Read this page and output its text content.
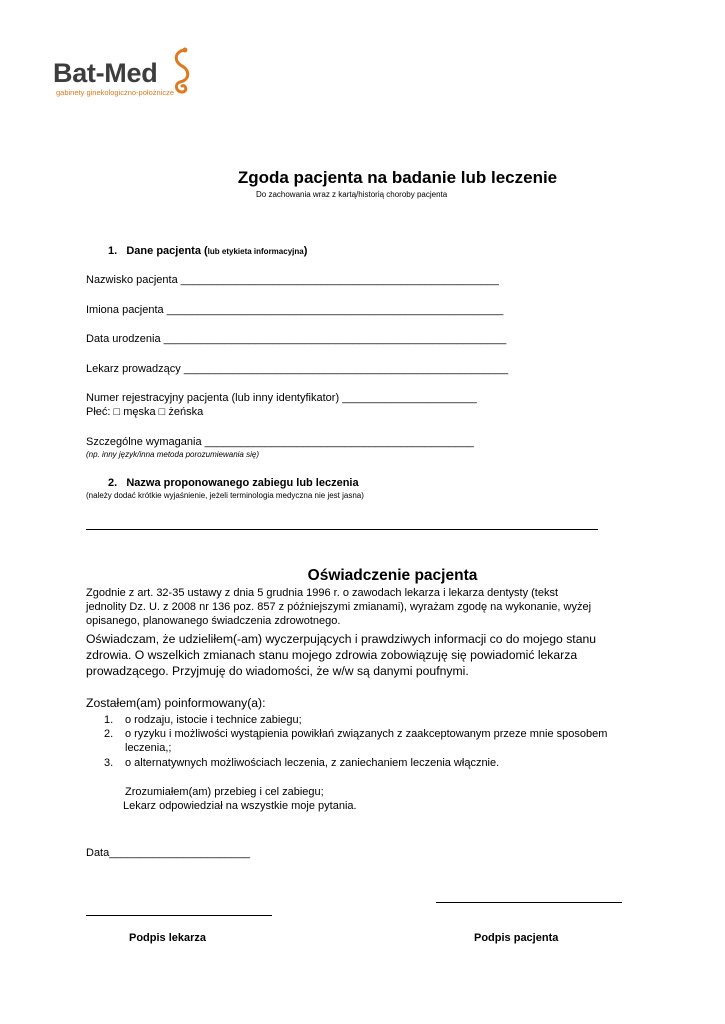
Bat-Med
gabinety ginekologiczno-położnicze
Zgoda pacjenta na badanie lub leczenie
Do zachowania wraz z kartą/historią choroby pacjenta
1. Dane pacjenta (lub etykieta informacyjna)
Nazwisko pacjenta ____________________________________________________
Imiona pacjenta _______________________________________________________
Data urodzenia ________________________________________________________
Lekarz prowadzący _____________________________________________________
Numer rejestracyjny pacjenta (lub inny identyfikator) ______________________
Płeć: □ męska □ żeńska
Szczególne wymagania ____________________________________________
(np. inny język/inna metoda porozumiewania się)
2. Nazwa proponowanego zabiegu lub leczenia
(należy dodać krótkie wyjaśnienie, jeżeli terminologia medyczna nie jest jasna)
Oświadczenie pacjenta
Zgodnie z art. 32-35 ustawy z dnia 5 grudnia 1996 r. o zawodach lekarza i lekarza dentysty (tekst
jednolity Dz. U. z 2008 nr 136 poz. 857 z późniejszymi zmianami), wyrażam zgodę na wykonanie, wyżej
opisanego, planowanego świadczenia zdrowotnego.
Oświadczam, że udzieliłem(-am) wyczerpujących i prawdziwych informacji co do mojego stanu
zdrowia. O wszelkich zmianach stanu mojego zdrowia zobowiązuję się powiadomić lekarza
prowadzącego. Przyjmuję do wiadomości, że w/w są danymi poufnymi.
Zostałem(am) poinformowany(a):
1. o rodzaju, istocie i technice zabiegu;
2. o ryzyku i możliwości wystąpienia powikłań związanych z zaakceptowanym przeze mnie sposobem
leczenia,;
3. o alternatywnych możliwościach leczenia, z zaniechaniem leczenia włącznie.
Zrozumiałem(am) przebieg i cel zabiegu;
Lekarz odpowiedział na wszystkie moje pytania.
Data_______________________
Podpis lekarza	Podpis pacjenta
